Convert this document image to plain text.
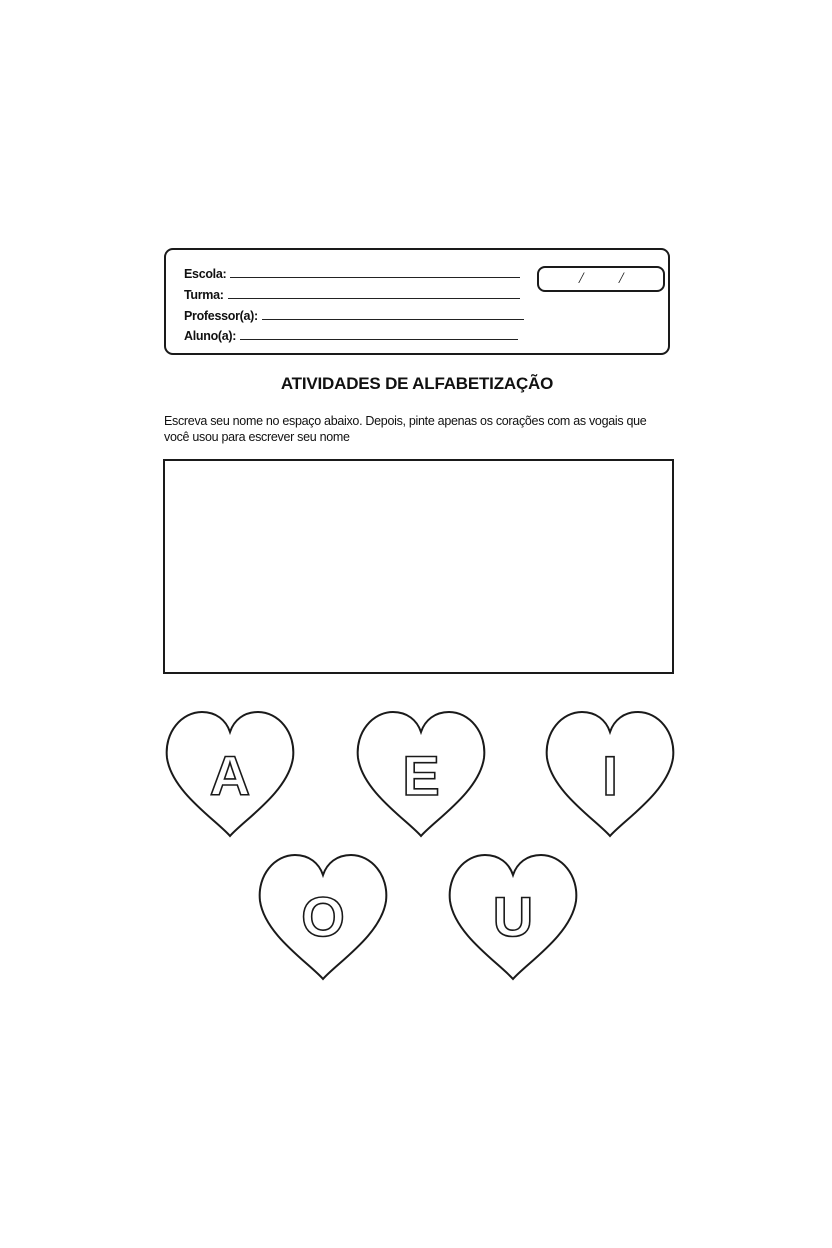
Escola:
Turma:
Professor(a):
Aluno(a):
/ /
ATIVIDADES DE ALFABETIZAÇÃO
Escreva seu nome no espaço abaixo. Depois, pinte apenas os corações com as vogais que
você usou para escrever seu nome
A	E	I
O	U
